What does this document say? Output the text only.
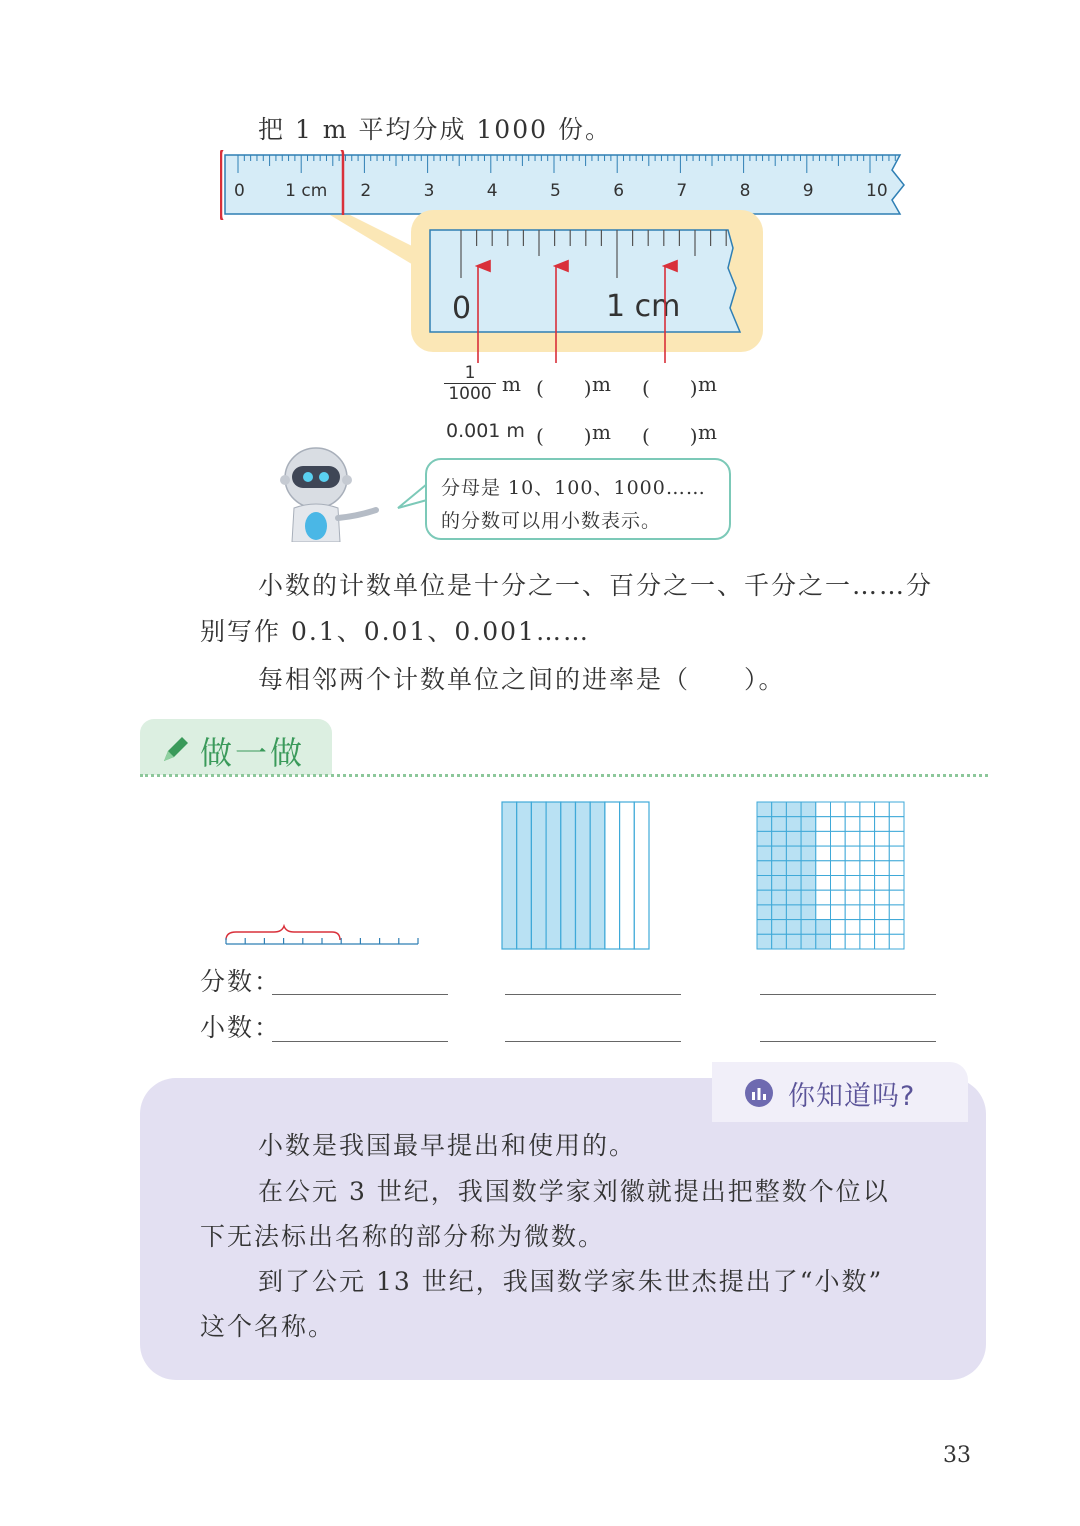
把 1 m 平均分成 1000 份。
0 1 cm 2	3	4	5	6	7	8	9	10
0	1 cm
1
1000 m (　　) m (　　) m
0.001 m (　　) m (　　) m
分母是 10、100、1000……
的分数可以用小数表示。
小数的计数单位是十分之一、百分之一、千分之一……分
别写作 0.1、0.01、0.001……
每相邻两个计数单位之间的进率是（　　）。
做一做
分数：
小数：
你知道吗?
小数是我国最早提出和使用的。
在公元 3 世纪，我国数学家刘徽就提出把整数个位以
下无法标出名称的部分称为微数。
到了公元 13 世纪，我国数学家朱世杰提出了“小数”
这个名称。
33
